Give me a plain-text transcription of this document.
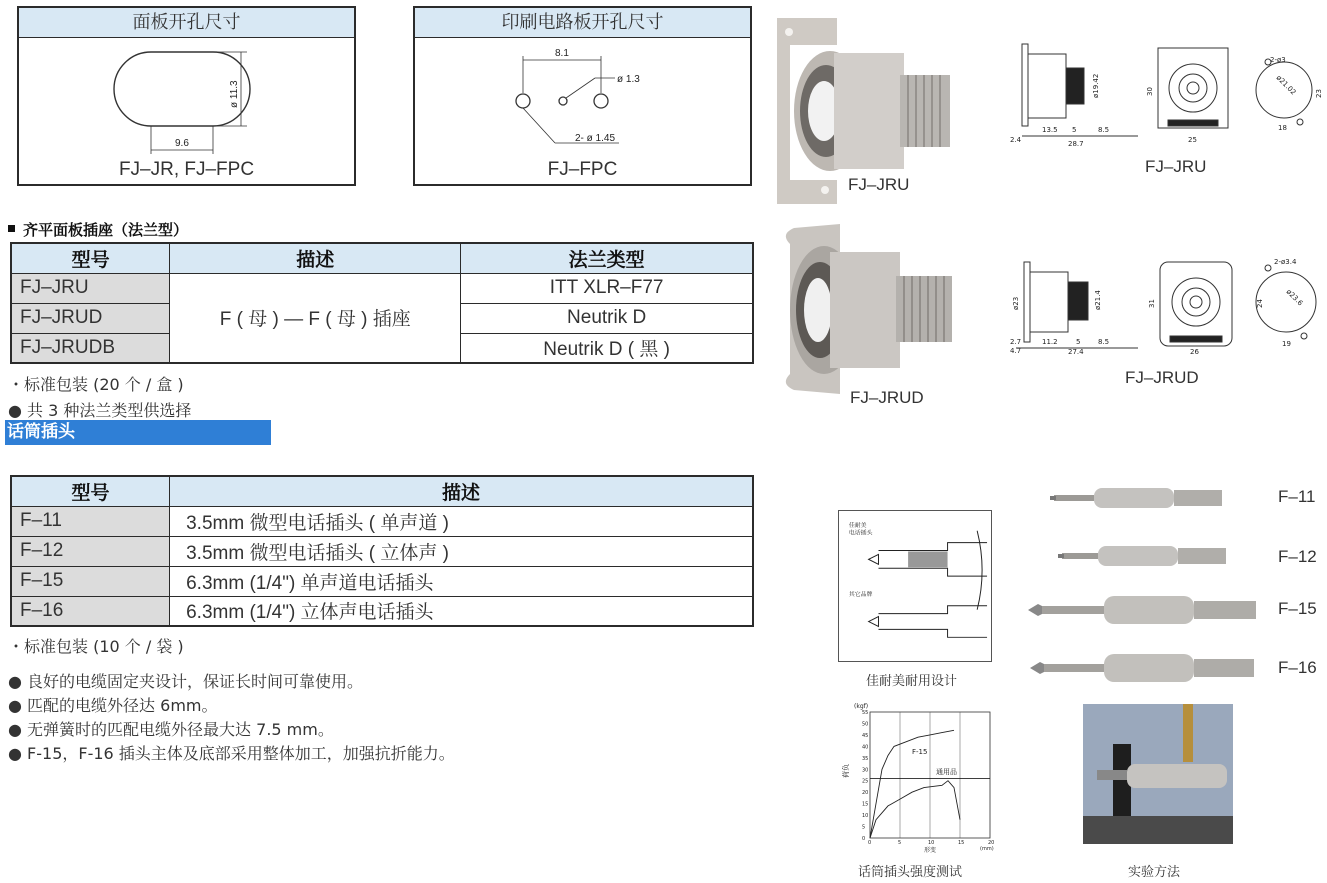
面板开孔尺寸
9.6
ø 11.3
FJ–JR, FJ–FPC
印刷电路板开孔尺寸
8.1
ø 1.3
2- ø 1.45
FJ–FPC
齐平面板插座（法兰型）
型号	描述	法兰类型
FJ–JRU	F ( 母 ) — F ( 母 ) 插座	ITT XLR–F77
FJ–JRUD		Neutrik D
FJ–JRUDB		Neutrik D ( 黑 )
・标准包装 (20 个 / 盒 )
● 共 3 种法兰类型供选择
话筒插头
型号	描述
F–11	3.5mm 微型电话插头 ( 单声道 )
F–12	3.5mm 微型电话插头 ( 立体声 )
F–15	6.3mm (1/4") 单声道电话插头
F–16	6.3mm (1/4") 立体声电话插头
・标准包装 (10 个 / 袋 )
● 良好的电缆固定夹设计，保证长时间可靠使用。
● 匹配的电缆外径达 6mm。
● 无弹簧时的匹配电缆外径最大达 7.5 mm。
● F-15，F-16 插头主体及底部采用整体加工，加强抗折能力。
FJ–JRU
13.5 5	8.5
2.4	28.7
ø19.42	30
25
2-ø3
ø21.02
18
23
FJ–JRU
FJ–JRUD
11.2	5	8.5
2.7
4.7	27.4
ø23	ø21.4	31
26
2-ø3.4
ø23.6
19
24
FJ–JRUD
F–11
F–12
F–15
F–16
佳耐美
电话插头
其它品牌
佳耐美耐用设计
0	5	10	15	20
0
5
10
15
20
25
30
35
40
45
50
55
(kgf)
荷负
形变	(mm)
F-15
通用品
话筒插头强度测试	实验方法
